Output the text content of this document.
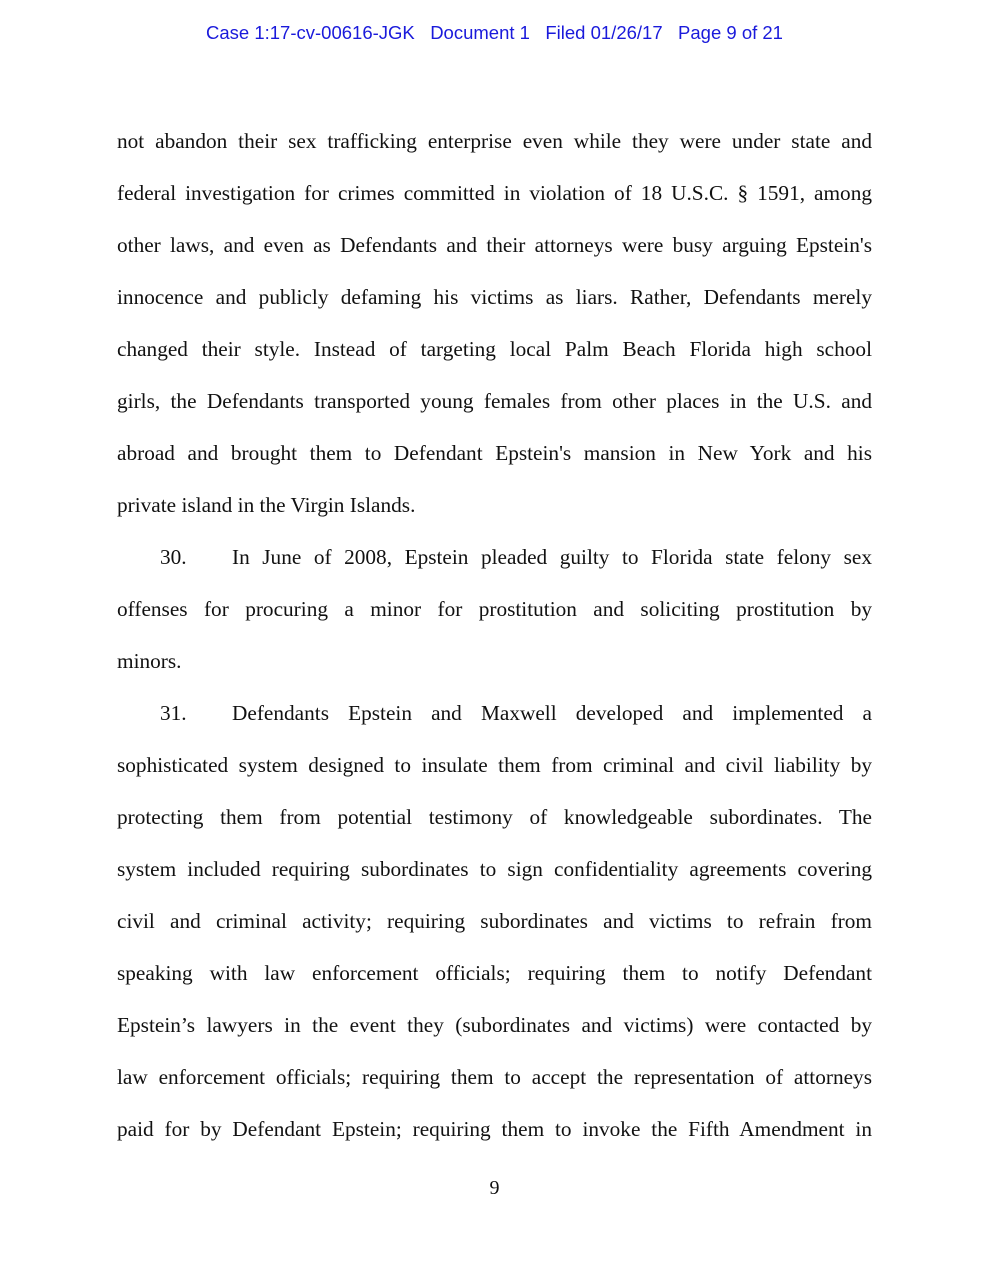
Case 1:17-cv-00616-JGK Document 1 Filed 01/26/17 Page 9 of 21
not abandon their sex trafficking enterprise even while they were under state and
federal investigation for crimes committed in violation of 18 U.S.C. § 1591, among
other laws, and even as Defendants and their attorneys were busy arguing Epstein's
innocence and publicly defaming his victims as liars. Rather, Defendants merely
changed their style. Instead of targeting local Palm Beach Florida high school
girls, the Defendants transported young females from other places in the U.S. and
abroad and brought them to Defendant Epstein's mansion in New York and his
private island in the Virgin Islands.
30. In June of 2008, Epstein pleaded guilty to Florida state felony sex
offenses for procuring a minor for prostitution and soliciting prostitution by
minors.
31. Defendants Epstein and Maxwell developed and implemented a
sophisticated system designed to insulate them from criminal and civil liability by
protecting them from potential testimony of knowledgeable subordinates. The
system included requiring subordinates to sign confidentiality agreements covering
civil and criminal activity; requiring subordinates and victims to refrain from
speaking with law enforcement officials; requiring them to notify Defendant
Epstein’s lawyers in the event they (subordinates and victims) were contacted by
law enforcement officials; requiring them to accept the representation of attorneys
paid for by Defendant Epstein; requiring them to invoke the Fifth Amendment in
9
